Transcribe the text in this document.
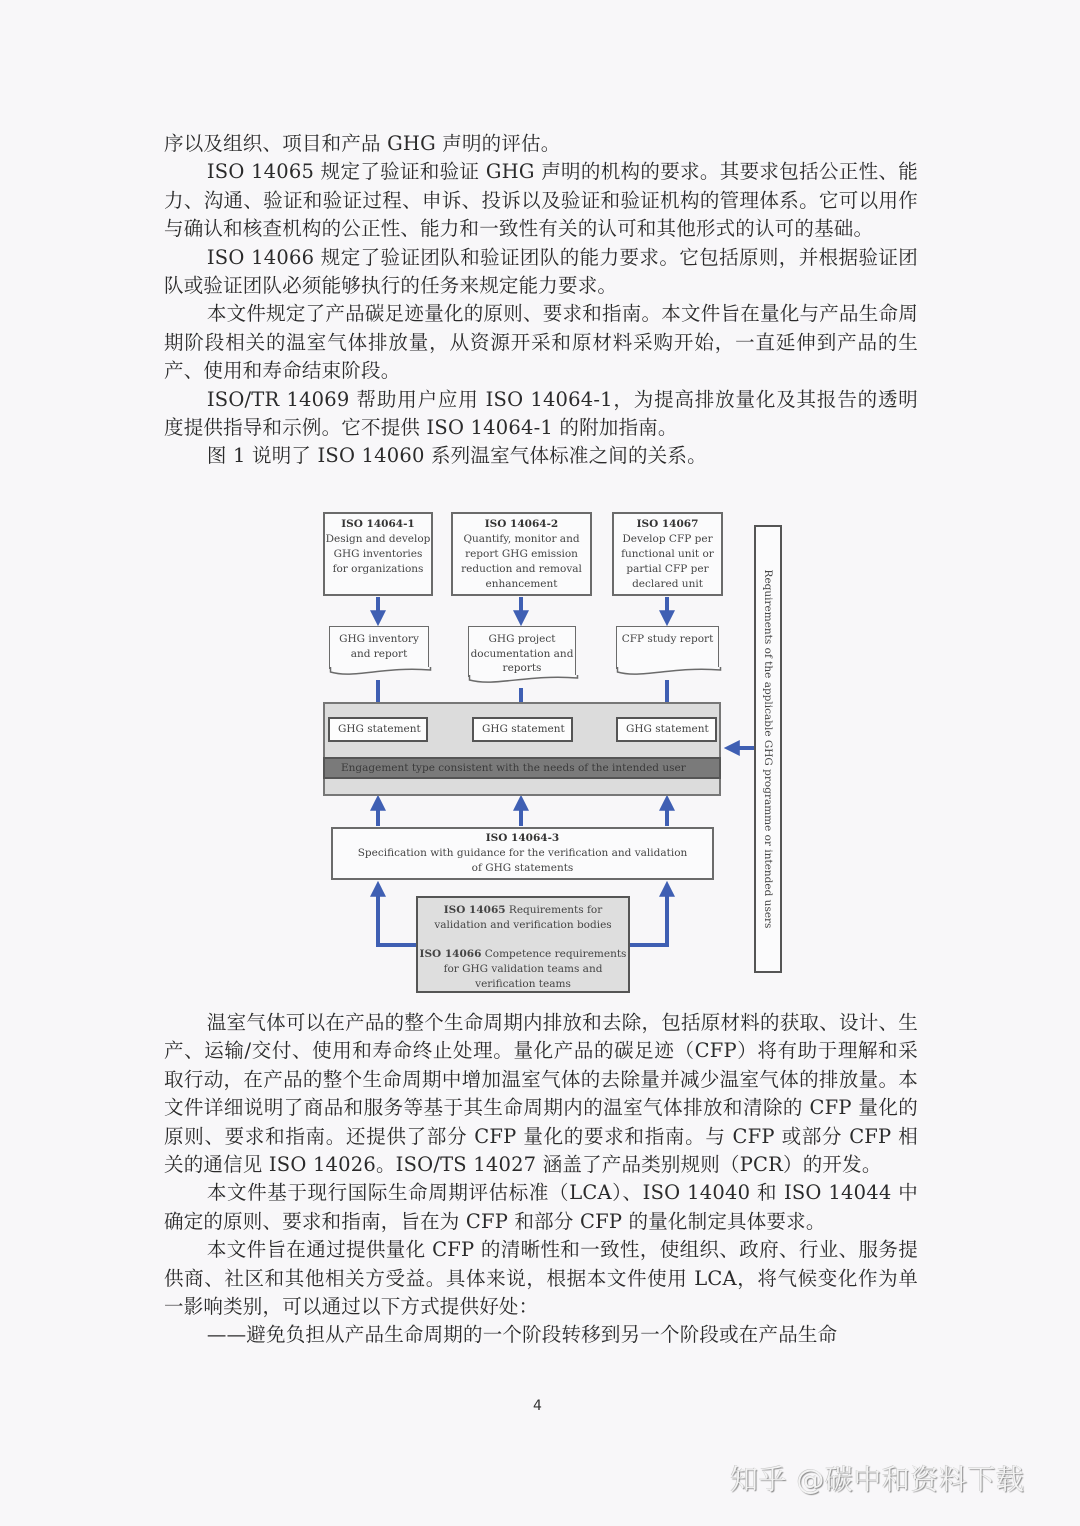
序以及组织、项目和产品 GHG 声明的评估。

ISO 14065 规定了验证和验证 GHG 声明的机构的要求。其要求包括公正性、能力、沟通、验证和验证过程、申诉、投诉以及验证和验证机构的管理体系。它可以用作与确认和核查机构的公正性、能力和一致性有关的认可和其他形式的认可的基础。

ISO 14066 规定了验证团队和验证团队的能力要求。它包括原则，并根据验证团队或验证团队必须能够执行的任务来规定能力要求。

本文件规定了产品碳足迹量化的原则、要求和指南。本文件旨在量化与产品生命周期阶段相关的温室气体排放量，从资源开采和原材料采购开始，一直延伸到产品的生产、使用和寿命结束阶段。

ISO/TR 14069 帮助用户应用 ISO 14064-1，为提高排放量化及其报告的透明度提供指导和示例。它不提供 ISO 14064-1 的附加指南。

图 1 说明了 ISO 14060 系列温室气体标准之间的关系。

ISO 14064-1
Design and develop GHG inventories for organizations
ISO 14064-2
Quantify, monitor and report GHG emission reduction and removal enhancement
ISO 14067
Develop CFP per functional unit or partial CFP per declared unit
GHG inventory and report
GHG project documentation and reports
CFP study report
GHG statement	GHG statement	GHG statement
Engagement type consistent with the needs of the intended user
ISO 14064-3
Specification with guidance for the verification and validation of GHG statements
ISO 14065 Requirements for validation and verification bodies
ISO 14066 Competence requirements for GHG validation teams and verification teams
Requirements of the applicable GHG programme or intended users

温室气体可以在产品的整个生命周期内排放和去除，包括原材料的获取、设计、生产、运输/交付、使用和寿命终止处理。量化产品的碳足迹（CFP）将有助于理解和采取行动，在产品的整个生命周期中增加温室气体的去除量并减少温室气体的排放量。本文件详细说明了商品和服务等基于其生命周期内的温室气体排放和清除的 CFP 量化的原则、要求和指南。还提供了部分 CFP 量化的要求和指南。与 CFP 或部分 CFP 相关的通信见 ISO 14026。ISO/TS 14027 涵盖了产品类别规则（PCR）的开发。

本文件基于现行国际生命周期评估标准（LCA）、ISO 14040 和 ISO 14044 中确定的原则、要求和指南，旨在为 CFP 和部分 CFP 的量化制定具体要求。

本文件旨在通过提供量化 CFP 的清晰性和一致性，使组织、政府、行业、服务提供商、社区和其他相关方受益。具体来说，根据本文件使用 LCA，将气候变化作为单一影响类别，可以通过以下方式提供好处：

——避免负担从产品生命周期的一个阶段转移到另一个阶段或在产品生命

4
知乎 @碳中和资料下载
